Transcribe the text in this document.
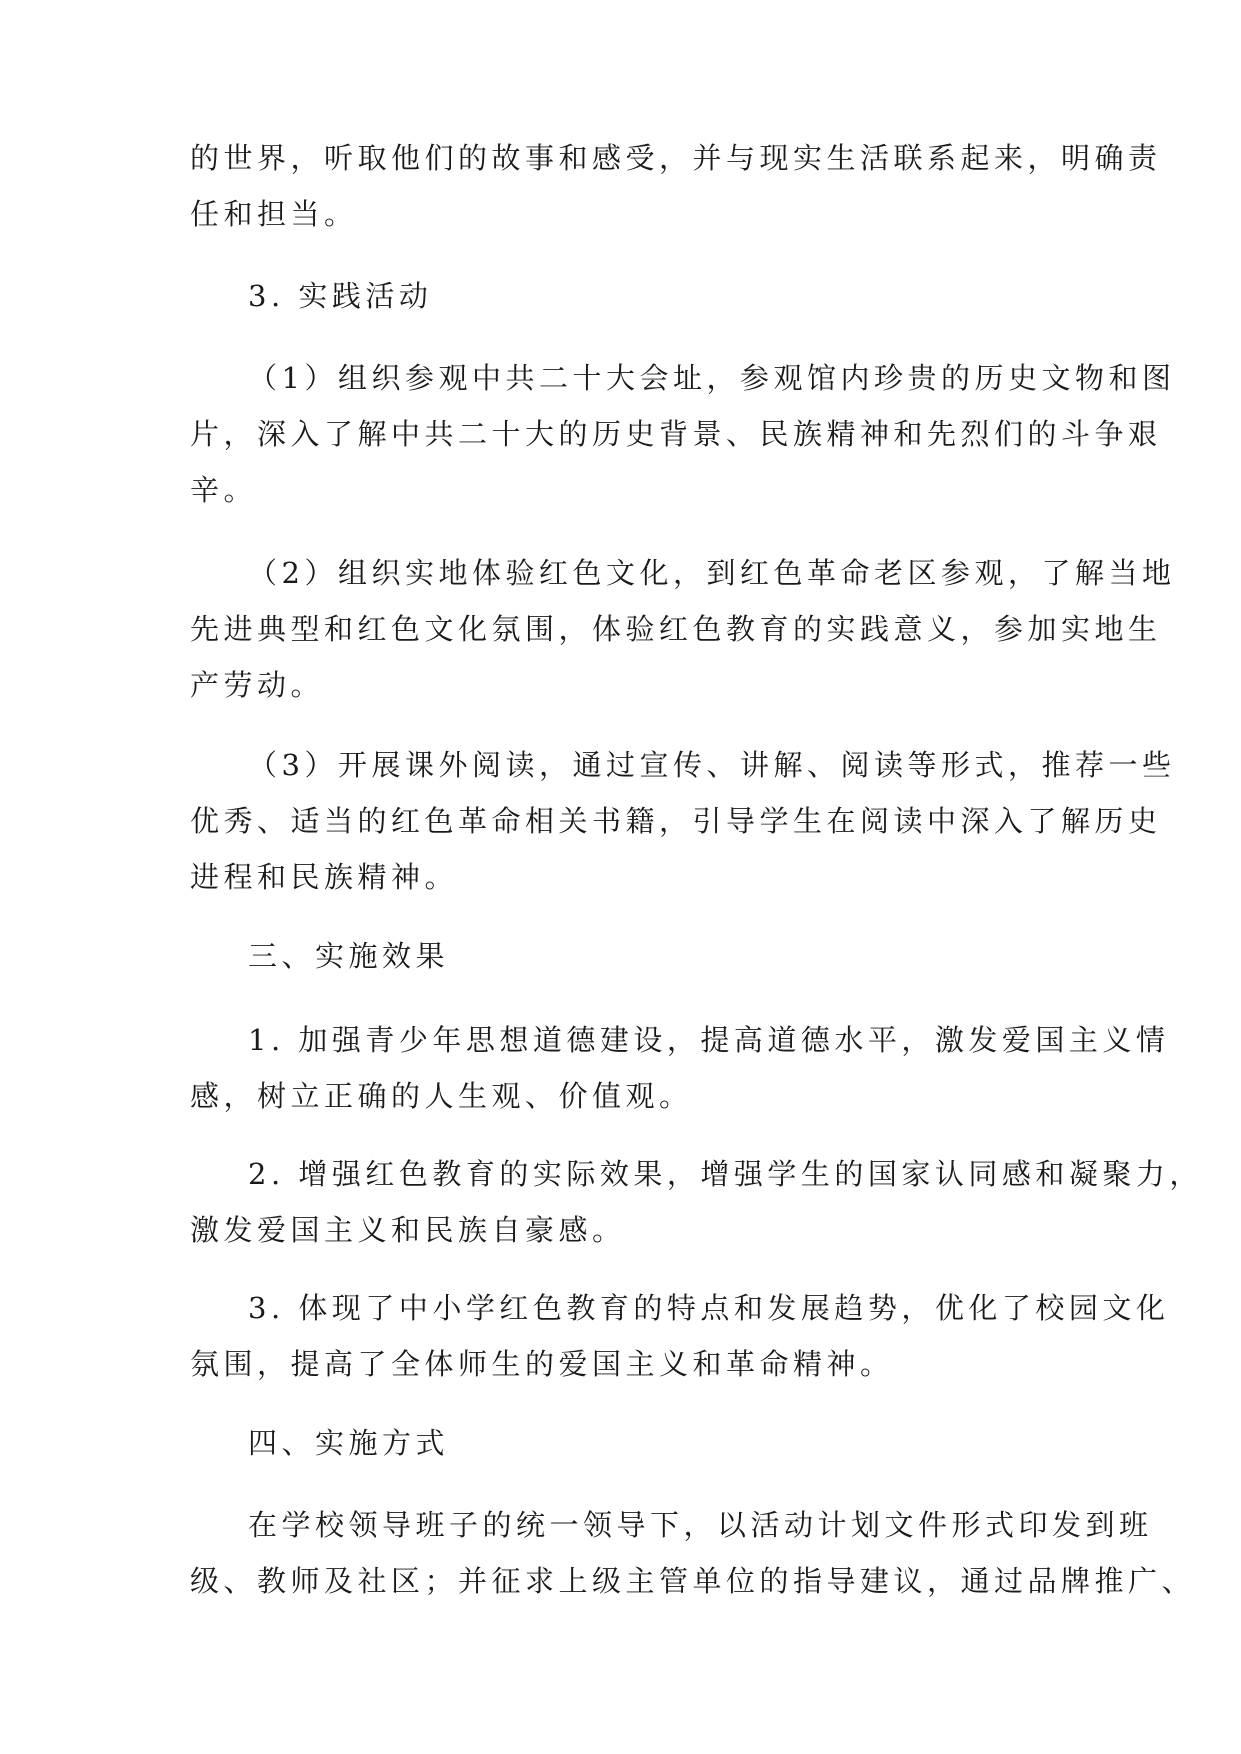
的世界，听取他们的故事和感受，并与现实生活联系起来，明确责
任和担当。

3. 实践活动

（1）组织参观中共二十大会址，参观馆内珍贵的历史文物和图
片，深入了解中共二十大的历史背景、民族精神和先烈们的斗争艰
辛。

（2）组织实地体验红色文化，到红色革命老区参观，了解当地
先进典型和红色文化氛围，体验红色教育的实践意义，参加实地生
产劳动。

（3）开展课外阅读，通过宣传、讲解、阅读等形式，推荐一些
优秀、适当的红色革命相关书籍，引导学生在阅读中深入了解历史
进程和民族精神。

三、实施效果

1. 加强青少年思想道德建设，提高道德水平，激发爱国主义情
感，树立正确的人生观、价值观。

2. 增强红色教育的实际效果，增强学生的国家认同感和凝聚力，
激发爱国主义和民族自豪感。

3. 体现了中小学红色教育的特点和发展趋势，优化了校园文化
氛围，提高了全体师生的爱国主义和革命精神。

四、实施方式

在学校领导班子的统一领导下，以活动计划文件形式印发到班
级、教师及社区；并征求上级主管单位的指导建议，通过品牌推广、
